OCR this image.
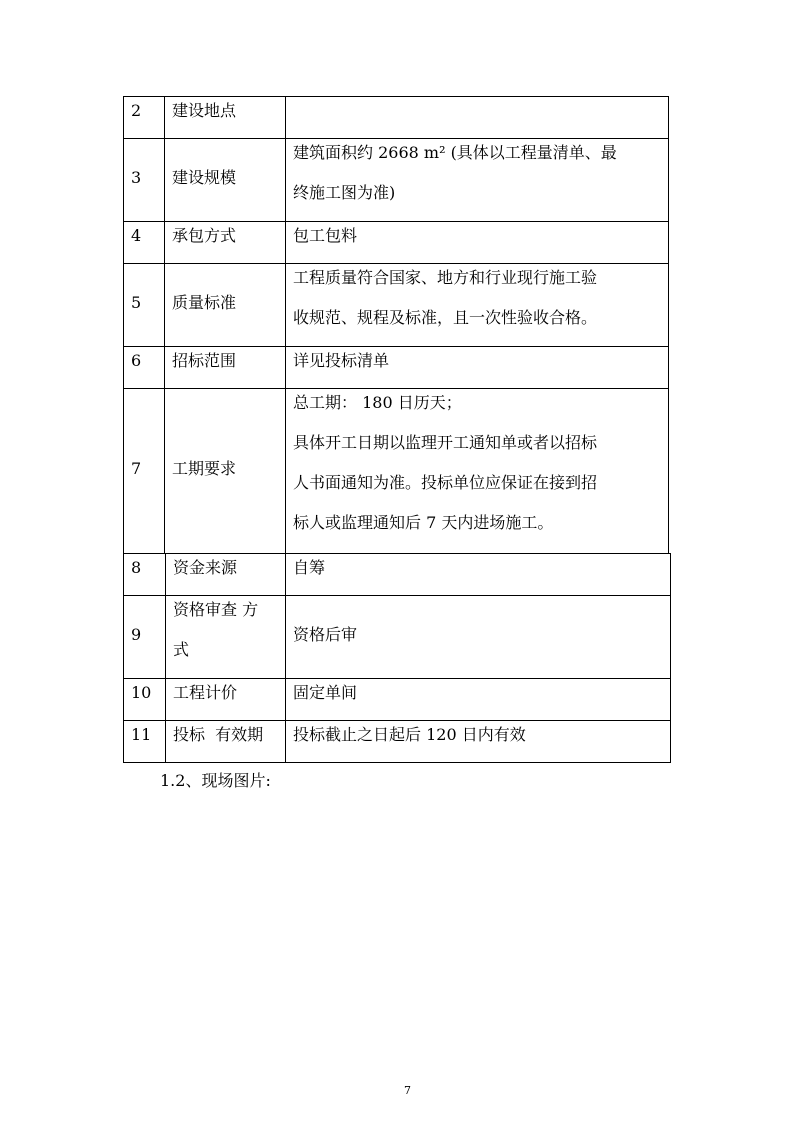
2	建设地点	

3	建设规模	建筑面积约 2668 m² (具体以工程量清单、最
终施工图为准)

4	承包方式	包工包料

5	质量标准	工程质量符合国家、地方和行业现行施工验
收规范、规程及标准，且一次性验收合格。

6	招标范围	详见投标清单

7	工期要求	总工期： 180 日历天；
具体开工日期以监理开工通知单或者以招标
人书面通知为准。投标单位应保证在接到招
标人或监理通知后 7 天内进场施工。
8	资金来源	自筹

9	资格审查 方
式	资格后审

10	工程计价	固定单间

11	投标  有效期	投标截止之日起后 120 日内有效
1.2、现场图片:
7
